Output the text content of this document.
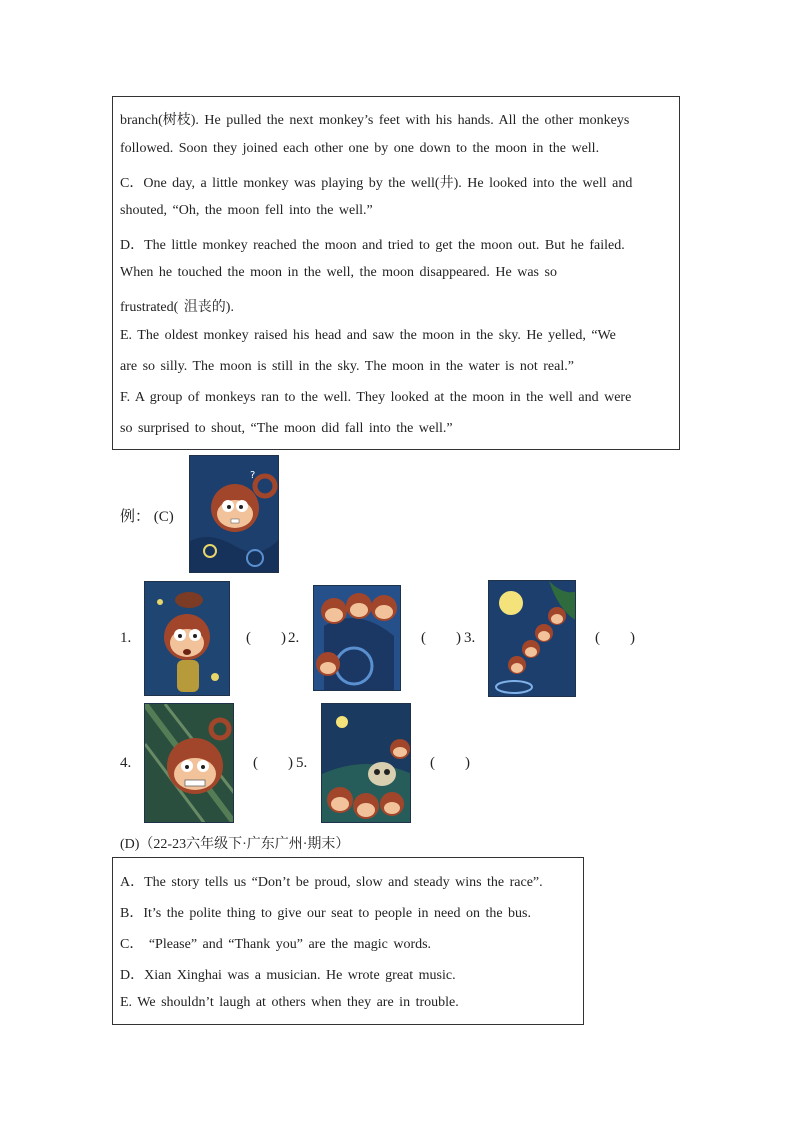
branch(树枝). He pulled the next monkey’s feet with his hands. All the other monkeys
followed. Soon they joined each other one by one down to the moon in the well.
C．One day, a little monkey was playing by the well(井). He looked into the well and
shouted, “Oh, the moon fell into the well.”
D．The little monkey reached the moon and tried to get the moon out. But he failed.
When he touched the moon in the well, the moon disappeared. He was so
frustrated( 沮丧的).
E. The oldest monkey raised his head and saw the moon in the sky. He yelled, “We
are so silly. The moon is still in the sky. The moon in the water is not real.”
F. A group of monkeys ran to the well. They looked at the moon in the well and were
so surprised to shout, “The moon did fall into the well.”
例： (C)
?
1.	(        ) 2.	(        ) 3.	(        )
4.	(        ) 5.	(        )
(D)（22-23六年级下·广东广州·期末）
A．The story tells us “Don’t be proud, slow and steady wins the race”.
B．It’s the polite thing to give our seat to people in need on the bus.
C． “Please” and “Thank you” are the magic words.
D．Xian Xinghai was a musician. He wrote great music.
E. We shouldn’t laugh at others when they are in trouble.
